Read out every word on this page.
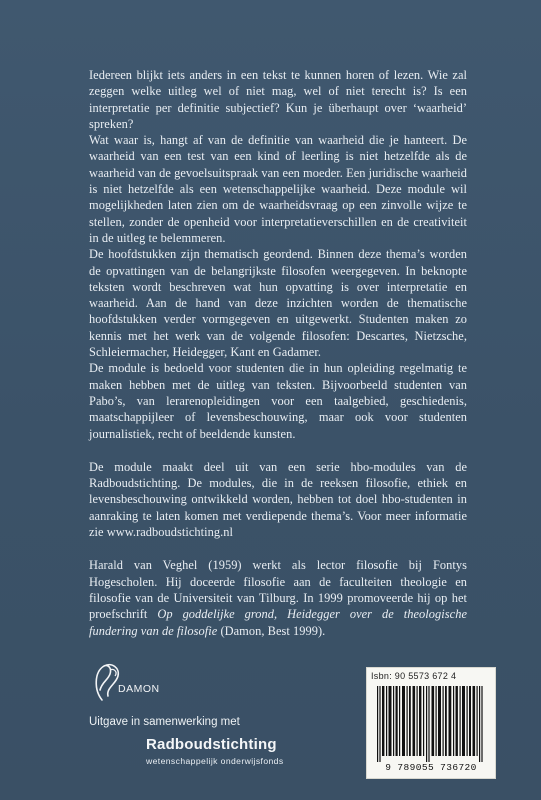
Iedereen blijkt iets anders in een tekst te kunnen horen of lezen. Wie zal zeggen welke uitleg wel of niet mag, wel of niet terecht is? Is een interpretatie per definitie subjectief? Kun je überhaupt over ‘waarheid’ spreken?

Wat waar is, hangt af van de definitie van waarheid die je hanteert. De waarheid van een test van een kind of leerling is niet hetzelfde als de waarheid van de gevoelsuitspraak van een moeder. Een juridische waarheid is niet hetzelfde als een wetenschappelijke waarheid. Deze module wil mogelijkheden laten zien om de waarheidsvraag op een zinvolle wijze te stellen, zonder de openheid voor interpretatieverschillen en de creativiteit in de uitleg te belemmeren.

De hoofdstukken zijn thematisch geordend. Binnen deze thema’s worden de opvattingen van de belangrijkste filosofen weergegeven. In beknopte teksten wordt beschreven wat hun opvatting is over interpretatie en waarheid. Aan de hand van deze inzichten worden de thematische hoofdstukken verder vormgegeven en uitgewerkt. Studenten maken zo kennis met het werk van de volgende filosofen: Descartes, Nietzsche, Schleiermacher, Heidegger, Kant en Gadamer.

De module is bedoeld voor studenten die in hun opleiding regelmatig te maken hebben met de uitleg van teksten. Bijvoorbeeld studenten van Pabo’s, van lerarenopleidingen voor een taalgebied, geschiedenis, maatschappijleer of levensbeschouwing, maar ook voor studenten journalistiek, recht of beeldende kunsten.

De module maakt deel uit van een serie hbo-modules van de Radboudstichting. De modules, die in de reeksen filosofie, ethiek en levensbeschouwing ontwikkeld worden, hebben tot doel hbo-studenten in aanraking te laten komen met verdiepende thema’s. Voor meer informatie zie www.radboudstichting.nl

Harald van Veghel (1959) werkt als lector filosofie bij Fontys Hogescholen. Hij doceerde filosofie aan de faculteiten theologie en filosofie van de Universiteit van Tilburg. In 1999 promoveerde hij op het proefschrift Op goddelijke grond, Heidegger over de theologische fundering van de filosofie (Damon, Best 1999).

DAMON
Uitgave in samenwerking met
Radboudstichting
wetenschappelijk onderwijsfonds
Isbn: 90 5573 672 4
9 789055 736720
